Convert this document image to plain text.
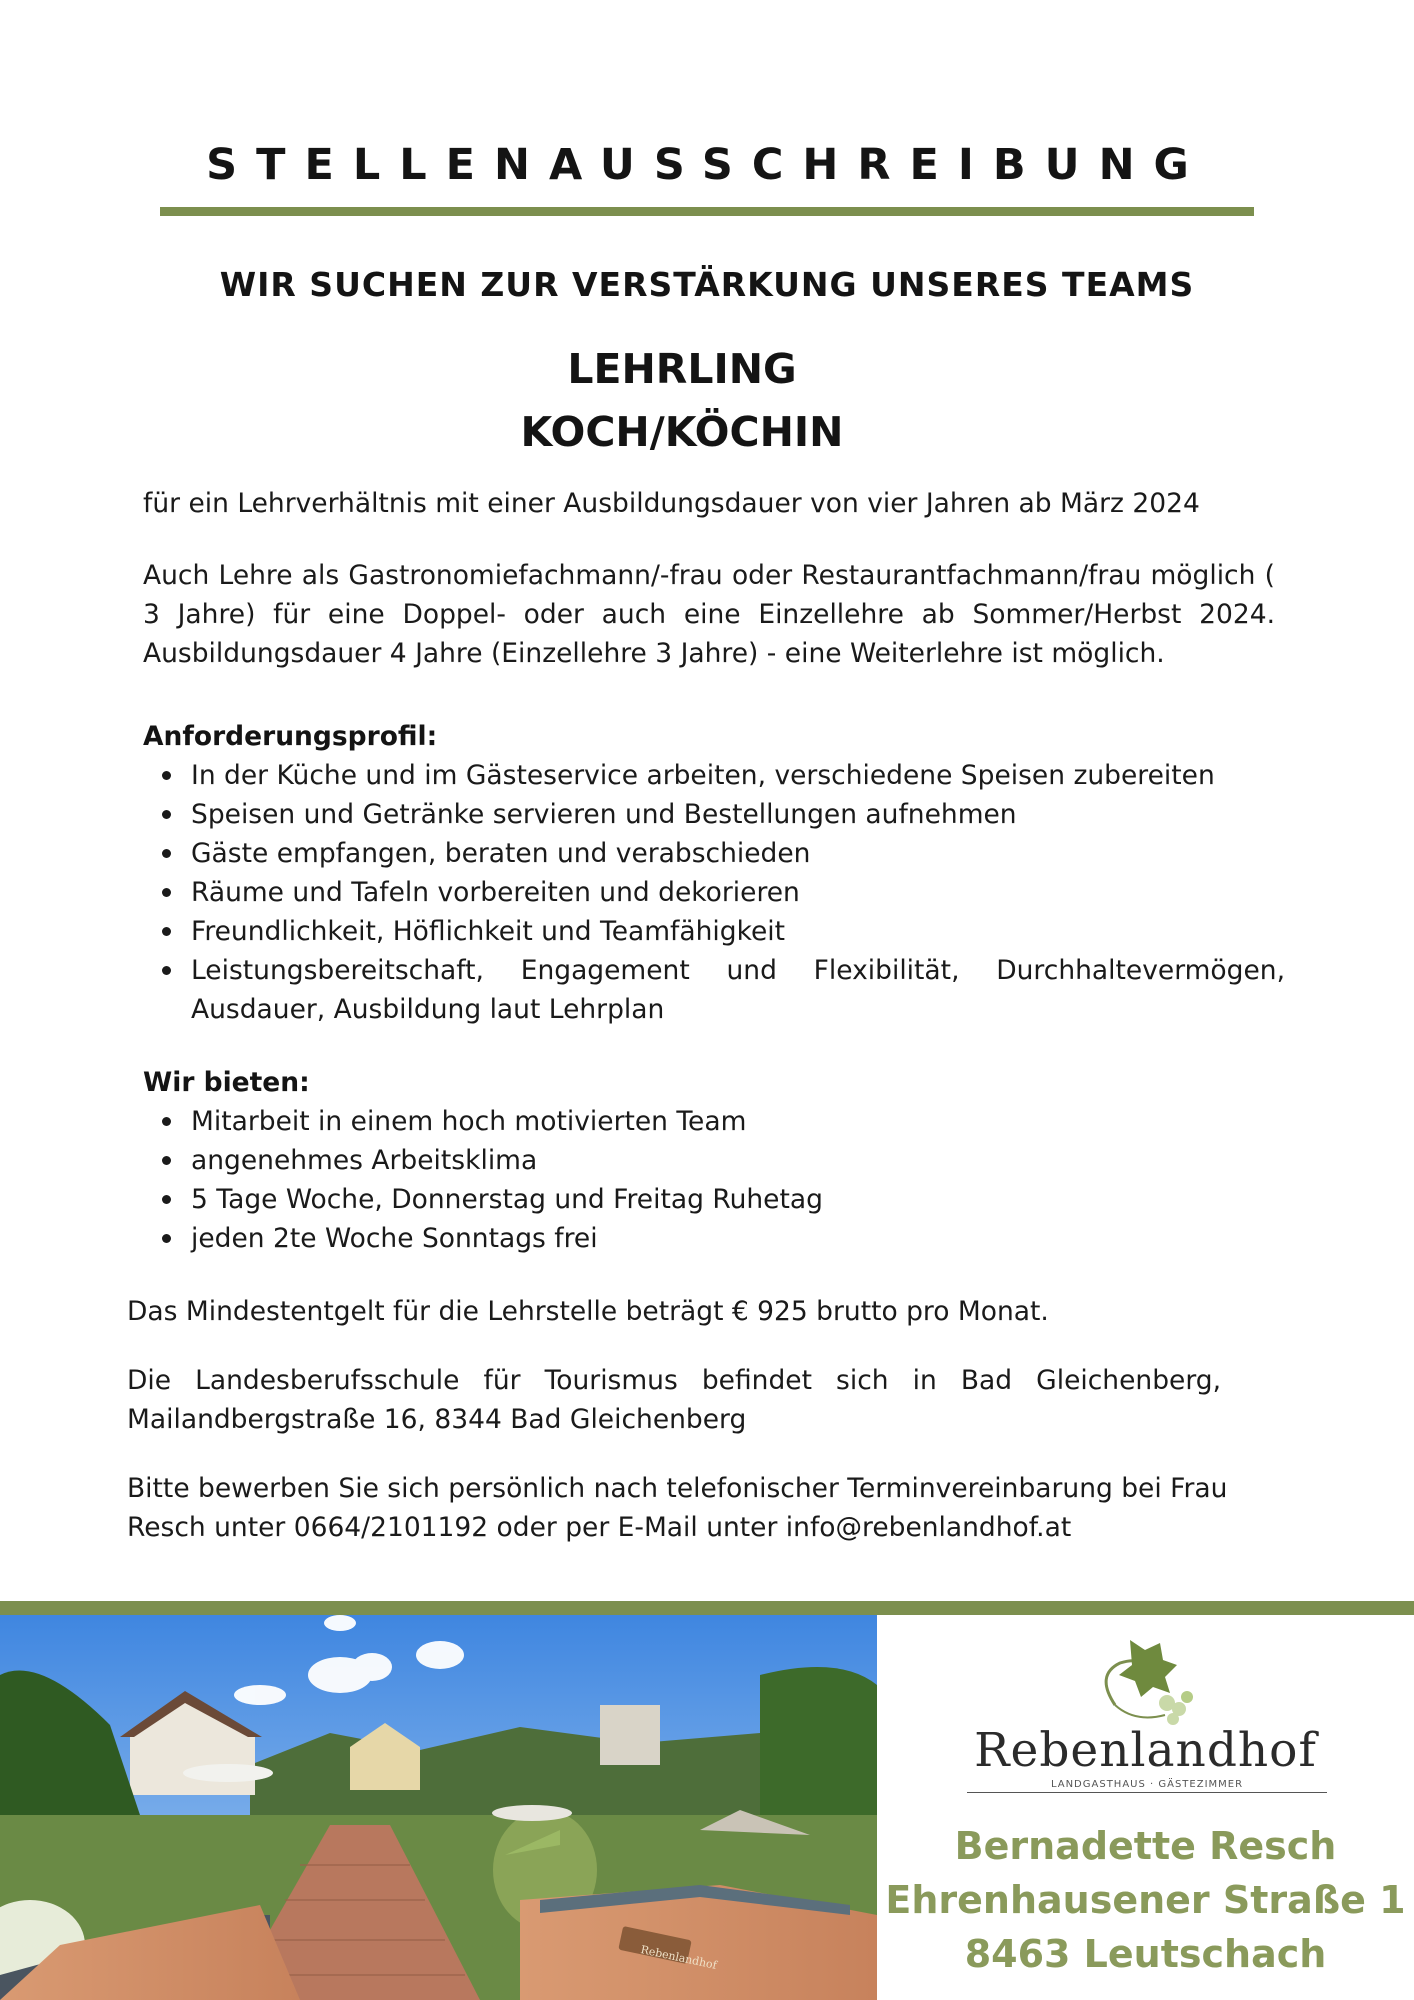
STELLENAUSSCHREIBUNG
WIR SUCHEN ZUR VERSTÄRKUNG UNSERES TEAMS
LEHRLING
KOCH/KÖCHIN

für ein Lehrverhältnis mit einer Ausbildungsdauer von vier Jahren ab März 2024

Auch Lehre als Gastronomiefachmann/-frau oder Restaurantfachmann/frau möglich ( 3 Jahre) für eine Doppel- oder auch eine Einzellehre ab Sommer/Herbst 2024. Ausbildungsdauer 4 Jahre (Einzellehre 3 Jahre) - eine Weiterlehre ist möglich.

Anforderungsprofil:

In der Küche und im Gästeservice arbeiten, verschiedene Speisen zubereiten
Speisen und Getränke servieren und Bestellungen aufnehmen
Gäste empfangen, beraten und verabschieden
Räume und Tafeln vorbereiten und dekorieren
Freundlichkeit, Höflichkeit und Teamfähigkeit
Leistungsbereitschaft, Engagement und Flexibilität, Durchhaltevermögen, Ausdauer, Ausbildung laut Lehrplan

Wir bieten:

Mitarbeit in einem hoch motivierten Team
angenehmes Arbeitsklima
5 Tage Woche, Donnerstag und Freitag Ruhetag
jeden 2te Woche Sonntags frei

Das Mindestentgelt für die Lehrstelle beträgt € 925 brutto pro Monat.

Die Landesberufsschule für Tourismus befindet sich in Bad Gleichenberg, Mailandbergstraße 16, 8344 Bad Gleichenberg

Bitte bewerben Sie sich persönlich nach telefonischer Terminvereinbarung bei Frau Resch unter 0664/2101192 oder per E-Mail unter info@rebenlandhof.at

Rebenlandhof
Rebenlandhof
LANDGASTHAUS · GÄSTEZIMMER

Bernadette Resch

Ehrenhausener Straße 1

8463 Leutschach
